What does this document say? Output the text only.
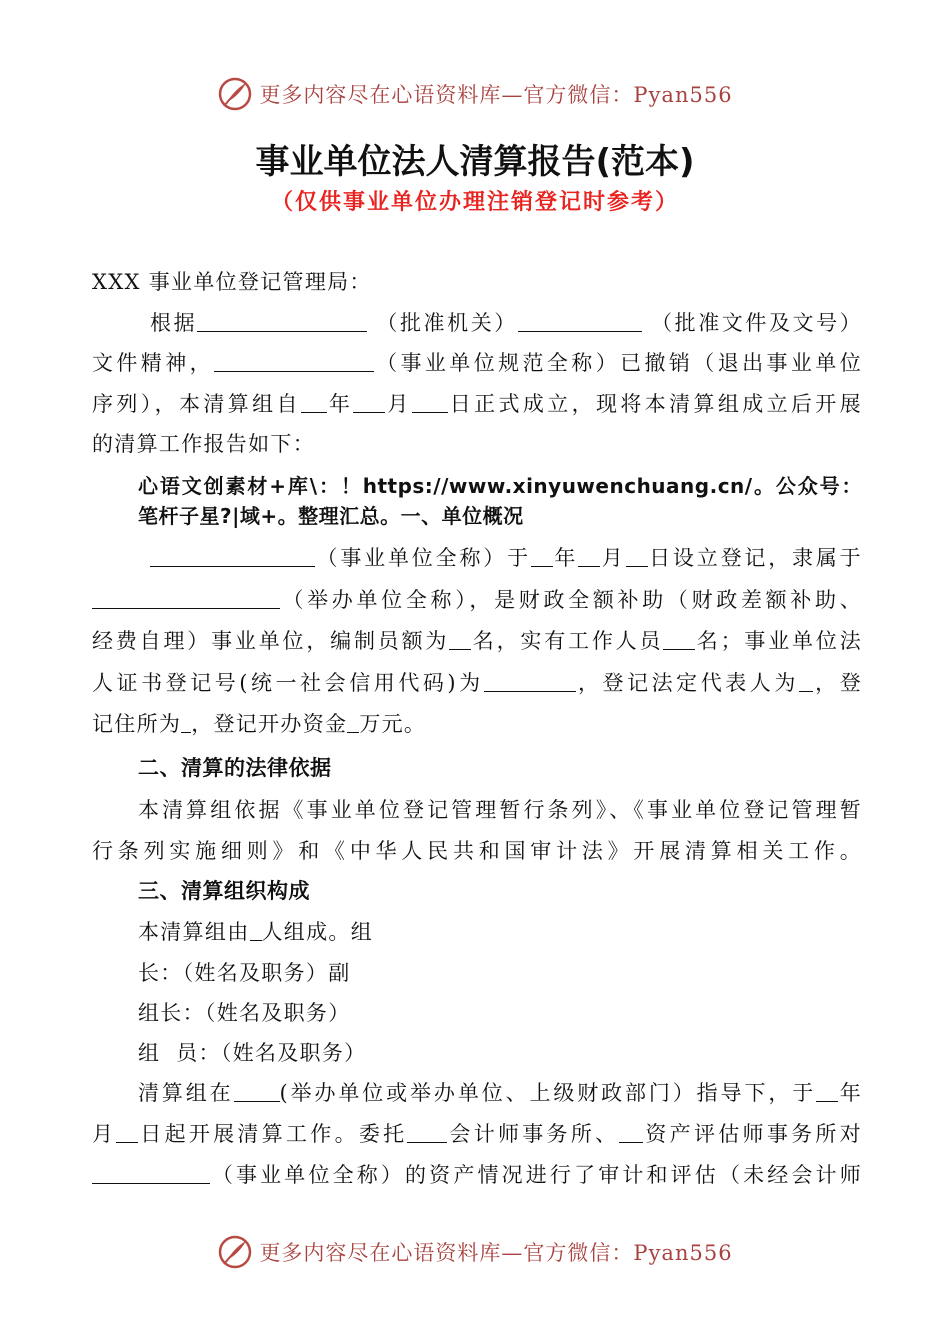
更多内容尽在心语资料库—官方微信：Pyan556
事业单位法人清算报告(范本)
（仅供事业单位办理注销登记时参考）
XXX 事业单位登记管理局：
根据	（批准机关）	（批准文件及文号）
文件精神，	（事业单位规范全称）已撤销（退出事业单位
序列），本清算组自 年 月 日正式成立，现将本清算组成立后开展
的清算工作报告如下：
心语文创素材+库\：！https://www.xinyuwenchuang.cn/。公众号：
笔杆子星?|域+。整理汇总。一、单位概况
（事业单位全称）于 年 月 日设立登记，隶属于
（举办单位全称），是财政全额补助（财政差额补助、
经费自理）事业单位，编制员额为 名，实有工作人员 名；事业单位法
人证书登记号(统一社会信用代码)为	，登记法定代表人为 ，登
记住所为 ，登记开办资金 万元。
二、清算的法律依据
本清算组依据《事业单位登记管理暂行条列》、《事业单位登记管理暂
行条列实施细则》和《中华人民共和国审计法》开展清算相关工作。
三、清算组织构成
本清算组由 人组成。组
长：（姓名及职务）副
组长：（姓名及职务）
组  员：（姓名及职务）
清算组在 (举办单位或举办单位、上级财政部门）指导下，于 年
月 日起开展清算工作。委托 会计师事务所、 资产评估师事务所对
（事业单位全称）的资产情况进行了审计和评估（未经会计师
更多内容尽在心语资料库—官方微信：Pyan556
